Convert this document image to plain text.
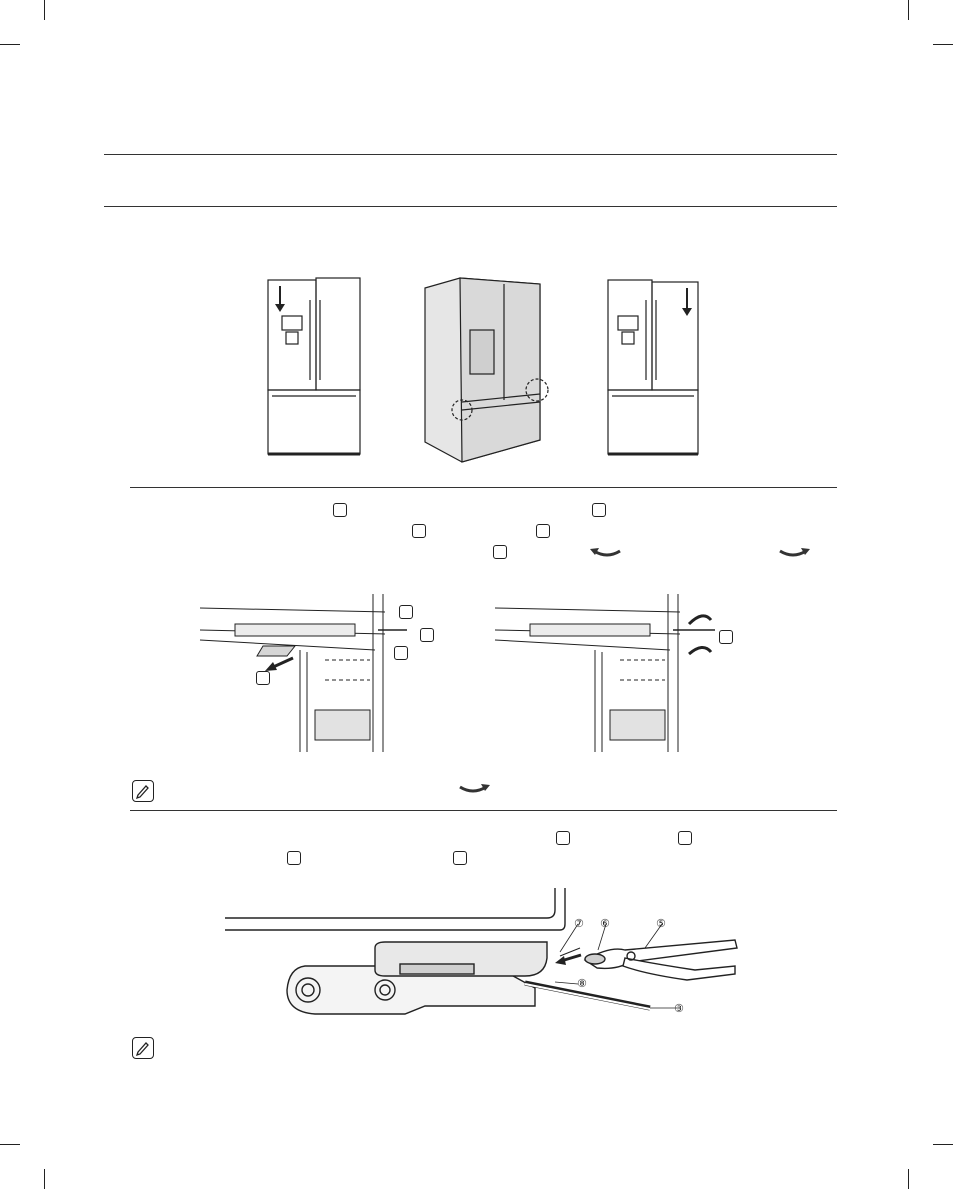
⑦ ⑥	⑤
⑧
③
